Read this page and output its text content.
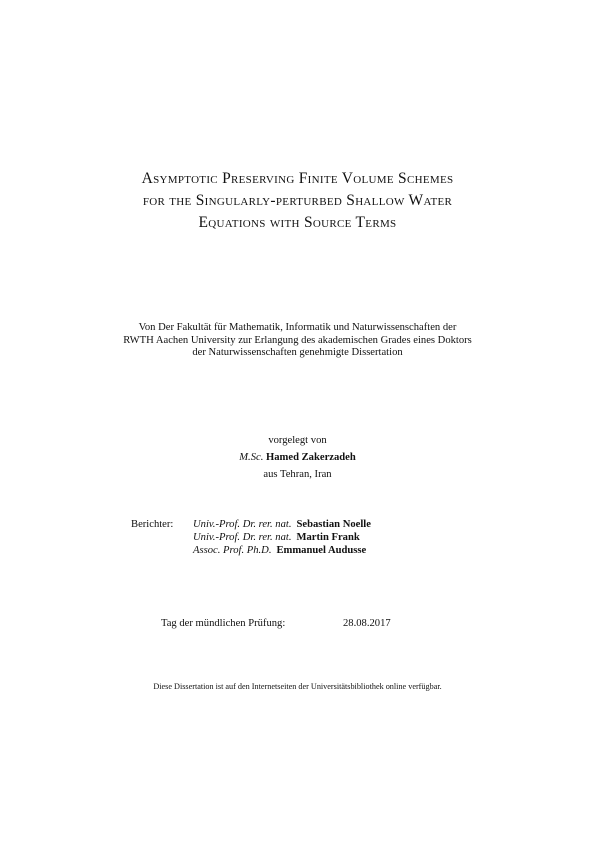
Asymptotic Preserving Finite Volume Schemes
for the Singularly-perturbed Shallow Water
Equations with Source Terms
Von Der Fakultät für Mathematik, Informatik und Naturwissenschaften der
RWTH Aachen University zur Erlangung des akademischen Grades eines Doktors
der Naturwissenschaften genehmigte Dissertation
vorgelegt von
M.Sc. Hamed Zakerzadeh
aus Tehran, Iran
Berichter:	Univ.-Prof. Dr. rer. nat. Sebastian Noelle
Univ.-Prof. Dr. rer. nat. Martin Frank
Assoc. Prof. Ph.D. Emmanuel Audusse
Tag der mündlichen Prüfung:	28.08.2017
Diese Dissertation ist auf den Internetseiten der Universitätsbibliothek online verfügbar.
